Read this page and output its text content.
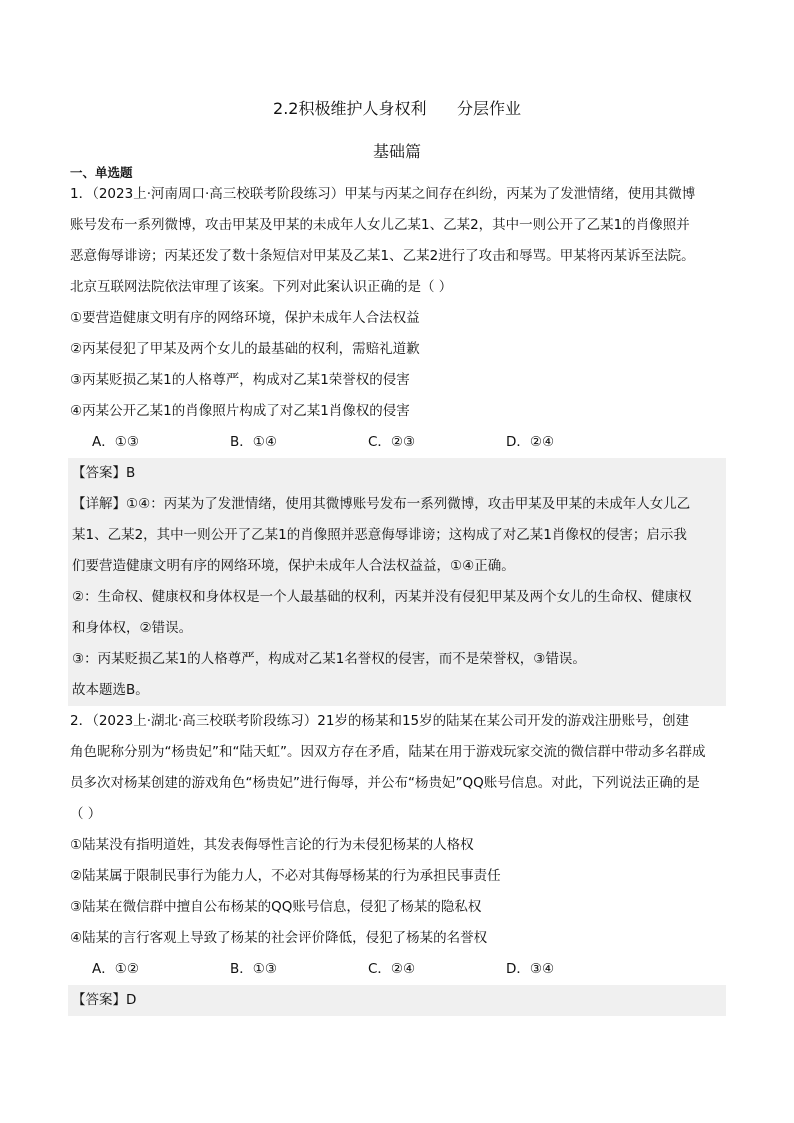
2.2积极维护人身权利      分层作业
基础篇
一、单选题
1．（2023上·河南周口·高三校联考阶段练习）甲某与丙某之间存在纠纷，丙某为了发泄情绪，使用其微博
账号发布一系列微博，攻击甲某及甲某的未成年人女儿乙某1、乙某2，其中一则公开了乙某1的肖像照并
恶意侮辱诽谤；丙某还发了数十条短信对甲某及乙某1、乙某2进行了攻击和辱骂。甲某将丙某诉至法院。
北京互联网法院依法审理了该案。下列对此案认识正确的是（ ）
①要营造健康文明有序的网络环境，保护未成年人合法权益
②丙某侵犯了甲某及两个女儿的最基础的权利，需赔礼道歉
③丙某贬损乙某1的人格尊严，构成对乙某1荣誉权的侵害
④丙某公开乙某1的肖像照片构成了对乙某1肖像权的侵害
A．①③	B．①④	C．②③	D．②④
【答案】B
【详解】①④：丙某为了发泄情绪，使用其微博账号发布一系列微博，攻击甲某及甲某的未成年人女儿乙
某1、乙某2，其中一则公开了乙某1的肖像照并恶意侮辱诽谤；这构成了对乙某1肖像权的侵害；启示我
们要营造健康文明有序的网络环境，保护未成年人合法权益益，①④正确。
②：生命权、健康权和身体权是一个人最基础的权利，丙某并没有侵犯甲某及两个女儿的生命权、健康权
和身体权，②错误。
③：丙某贬损乙某1的人格尊严，构成对乙某1名誉权的侵害，而不是荣誉权，③错误。
故本题选B。
2．（2023上·湖北·高三校联考阶段练习）21岁的杨某和15岁的陆某在某公司开发的游戏注册账号，创建
角色昵称分别为“杨贵妃”和“陆天虹”。因双方存在矛盾，陆某在用于游戏玩家交流的微信群中带动多名群成
员多次对杨某创建的游戏角色“杨贵妃”进行侮辱，并公布“杨贵妃”QQ账号信息。对此，下列说法正确的是
（ ）
①陆某没有指明道姓，其发表侮辱性言论的行为未侵犯杨某的人格权
②陆某属于限制民事行为能力人，不必对其侮辱杨某的行为承担民事责任
③陆某在微信群中擅自公布杨某的QQ账号信息，侵犯了杨某的隐私权
④陆某的言行客观上导致了杨某的社会评价降低，侵犯了杨某的名誉权
A．①②	B．①③	C．②④	D．③④
【答案】D
